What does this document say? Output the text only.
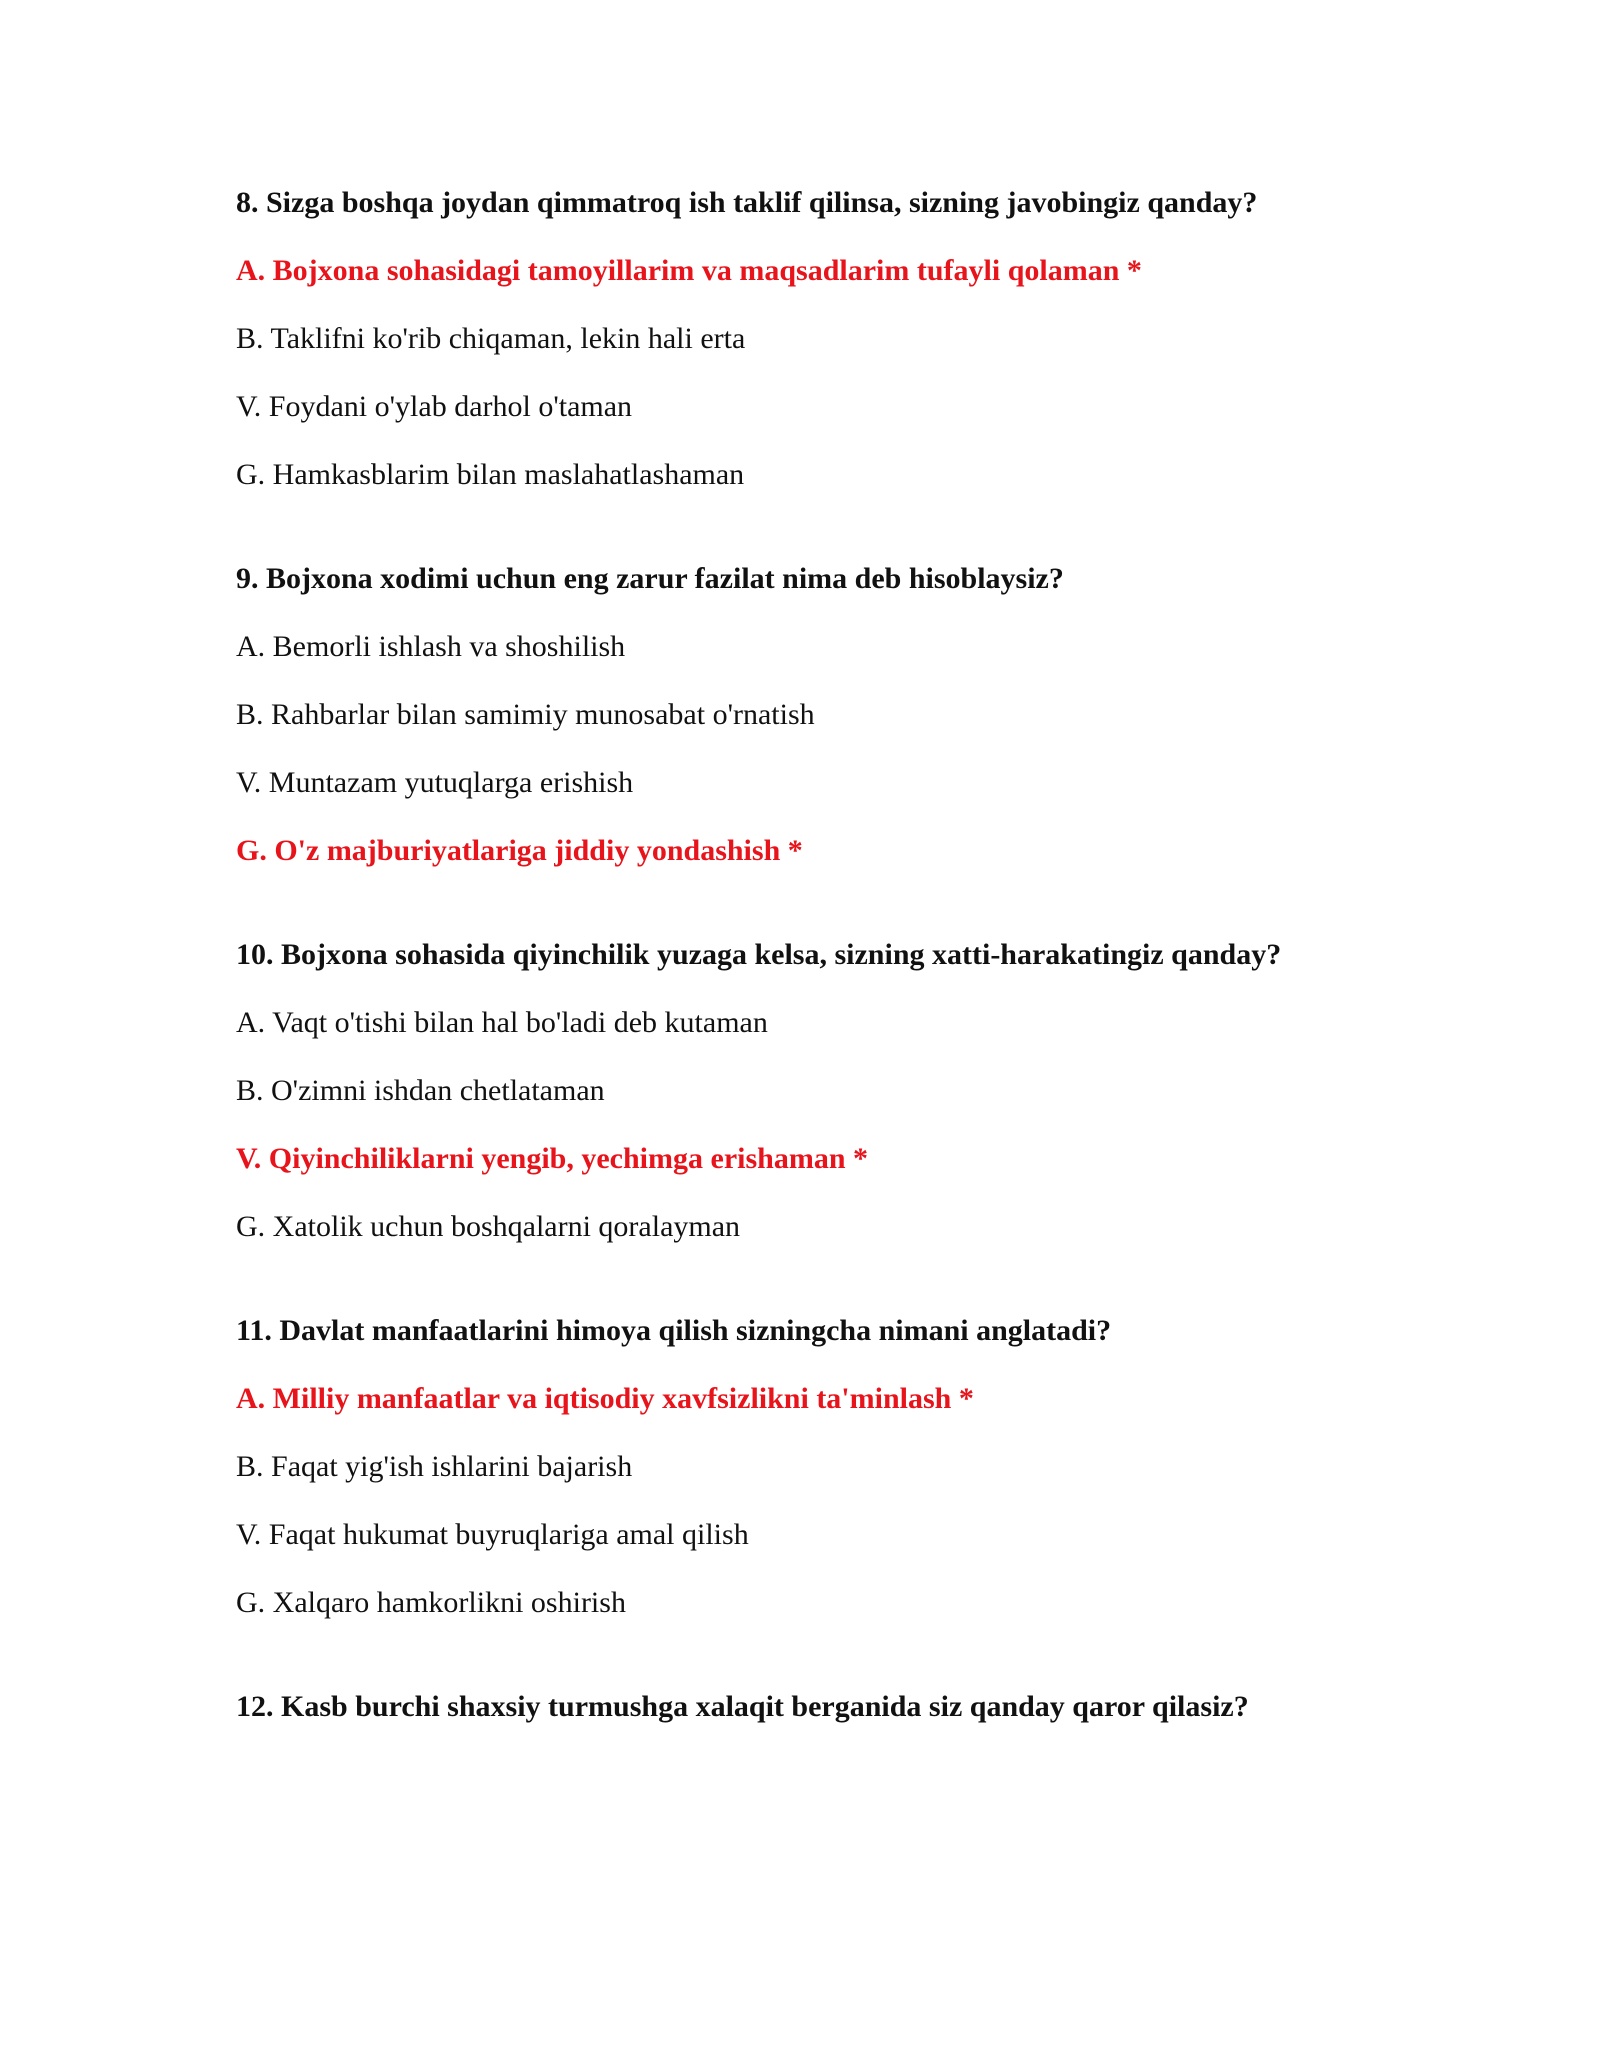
8. Sizga boshqa joydan qimmatroq ish taklif qilinsa, sizning javobingiz qanday?
A. Bojxona sohasidagi tamoyillarim va maqsadlarim tufayli qolaman *
B. Taklifni ko'rib chiqaman, lekin hali erta
V. Foydani o'ylab darhol o'taman
G. Hamkasblarim bilan maslahatlashaman
9. Bojxona xodimi uchun eng zarur fazilat nima deb hisoblaysiz?
A. Bemorli ishlash va shoshilish
B. Rahbarlar bilan samimiy munosabat o'rnatish
V. Muntazam yutuqlarga erishish
G. O'z majburiyatlariga jiddiy yondashish *
10. Bojxona sohasida qiyinchilik yuzaga kelsa, sizning xatti-harakatingiz qanday?
A. Vaqt o'tishi bilan hal bo'ladi deb kutaman
B. O'zimni ishdan chetlataman
V. Qiyinchiliklarni yengib, yechimga erishaman *
G. Xatolik uchun boshqalarni qoralayman
11. Davlat manfaatlarini himoya qilish sizningcha nimani anglatadi?
A. Milliy manfaatlar va iqtisodiy xavfsizlikni ta'minlash *
B. Faqat yig'ish ishlarini bajarish
V. Faqat hukumat buyruqlariga amal qilish
G. Xalqaro hamkorlikni oshirish
12. Kasb burchi shaxsiy turmushga xalaqit berganida siz qanday qaror qilasiz?
